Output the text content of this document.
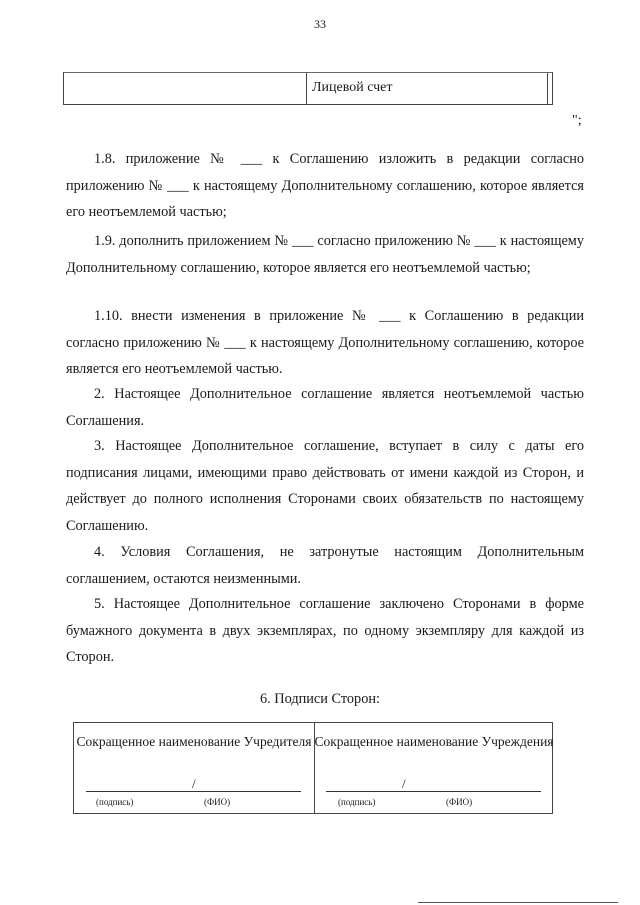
33
Лицевой счет
";

1.8. приложение № ___ к Соглашению изложить в редакции согласно приложению № ___ к настоящему Дополнительному соглашению, которое является его неотъемлемой частью;

1.9. дополнить приложением № ___ согласно приложению № ___ к настоящему Дополнительному соглашению, которое является его неотъемлемой частью;

1.10. внести изменения в приложение № ___ к Соглашению в редакции согласно приложению № ___ к настоящему Дополнительному соглашению, которое является его неотъемлемой частью.

2. Настоящее Дополнительное соглашение является неотъемлемой частью Соглашения.

3. Настоящее Дополнительное соглашение, вступает в силу с даты его подписания лицами, имеющими право действовать от имени каждой из Сторон, и действует до полного исполнения Сторонами своих обязательств по настоящему Соглашению.

4. Условия Соглашения, не затронутые настоящим Дополнительным соглашением, остаются неизменными.

5. Настоящее Дополнительное соглашение заключено Сторонами в форме бумажного документа в двух экземплярах, по одному экземпляру для каждой из Сторон.

6. Подписи Сторон:
Сокращенное наименование Учредителя
/
(подпись)	(ФИО)
Сокращенное наименование Учреждения
/
(подпись)	(ФИО)
